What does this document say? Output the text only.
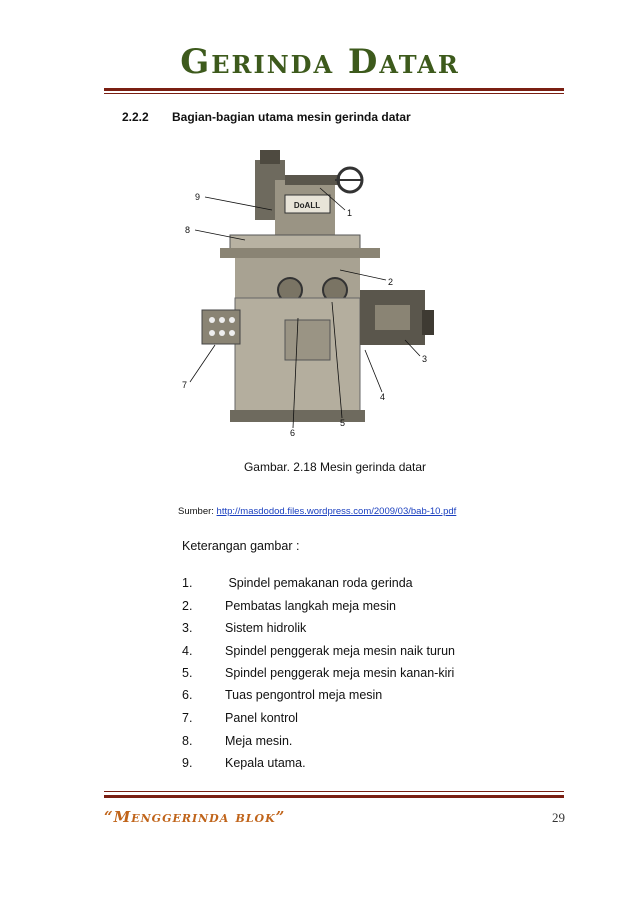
Gerinda Datar
2.2.2 Bagian-bagian utama mesin gerinda datar
DoALL
9
8
1
2
3
4
5
6
7
Gambar. 2.18 Mesin gerinda datar
Sumber: http://masdodod.files.wordpress.com/2009/03/bab-10.pdf
Keterangan gambar :
1.	Spindel pemakanan roda gerinda
2.	Pembatas langkah meja mesin
3.	Sistem hidrolik
4.	Spindel penggerak meja mesin naik turun
5.	Spindel penggerak meja mesin kanan-kiri
6.	Tuas pengontrol meja mesin
7.	Panel kontrol
8.	Meja mesin.
9.	Kepala utama.
“Menggerinda blok”	29
